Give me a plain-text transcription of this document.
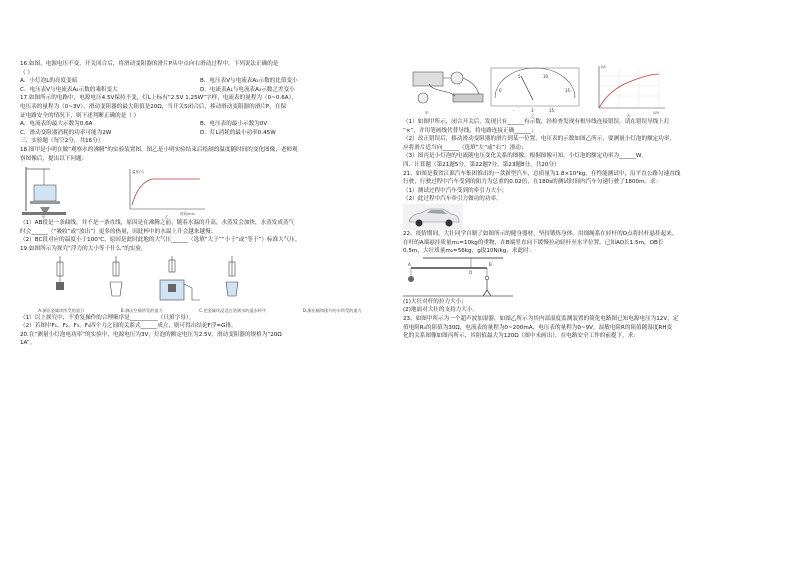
16.如图，电源电压不变，开关闭合后，将滑动变阻器的滑片P从中点向右滑动过程中，下列说法正确的是
（ ）
A．小灯泡L的亮度变暗	B．电压表V与电流表A₂示数的比值变小
C．电压表V与电流表A₂示数的乘积变大	D．电流表A₁与电流表A₂示数之差变小
17.如图所示的电路中，电源电压4.5V保持不变，灯L上标有“2.5V 1.25W”字样，电流表的量程为（0~0.6A），
电压表的量程为（0~3V），滑动变阻器的最大阻值是20Ω，当开关S闭合后，移动滑动变阻器的滑片P，在保
证电路安全的情况下，则下述判断正确的是（ ）
A．电流表的最大示数为0.6A	B．电压表的最小示数为0V
C．滑动变阻器消耗的功率可能为2W	D．灯L消耗的最小功率0.45W
三、实验题（每空2分，共16分）
18.图甲是小明在做“观察水的沸腾”的实验装置图，图乙是小明实验结束后绘制的温度随时间的变化图像，老师观
察图像后，提出以下问题：
温度/℃
时间/min
甲	乙
（1）AB段是一条曲线，并不是一条直线，原因是在沸腾之前，随着水温的升高，水蒸发会加快，水蒸发成蒸气
时会______（“吸收”或“放出”）更多的热量，因此杯中的水温上升会越来越慢；
（2）BC段对应的温度小于100℃，原因是此时此地的大气压______（选填“大于”“小于”或“等于”）标准大气压。
19.如图所示为探究“浮力的大小等于什么”的实验。
A.测出金属块所受的重力	B.测出空桶所受的重力	C.把金属块浸没在装满水的溢水杯中	D.测出桶和排开的水所受的重力
（1）以上探究中，不重复操作的合理顺序是__________（只填字母）。
（2）若图中F₁、F₂、F₃、F₄四个力之间的关系式______成立，则可得出结论F浮=G排。
20.在“测量小灯泡电功率”的实验中，电源电压为3V，灯泡的额定电压为2.5V，滑动变阻器的规格为“20Ω
1A”。
甲
0
5	10
15
-	3	15
乙
I/A
U/V
丙
（1）如图甲所示，闭合开关后，发现只有______有示数，经检查发现有根导线连接错误，请在错误导线上打
“×”，并用笔画线代替导线，将电路连接正确______；
（2）改正错误后，移动滑动变阻器的滑片到某一位置，电压表的示数如图乙所示，要测量小灯泡的额定功率，
应将滑片适当向______（选填“左”或“右”）滑动；
（3）图丙是小灯泡的电流随电压变化关系的图像，根据图像可知，小灯泡的额定功率为______W。
四、计算题（第21题5分，第22题7分，第23题8分，共20分）
21、如图是我省江淮汽车集团推出的一款新型汽车，总质量为1.8×10³kg，在性能测试中，沿平直公路匀速直线
行驶，行驶过程中汽车受到的阻力为总重的0.02倍，在180s的测试时间内汽车匀速行驶了1800m。求：
（1）测试过程中汽车受到的牵引力大小；
（2）此过程中汽车牵引力做功的功率。
22、疫情期间，大壮同学自制了如图所示的健身器材，坚持锻炼身体。用细绳系在轻杆的O点将轻杆悬挂起来，
在杆的A端悬挂质量m₁=10kg的重物，在B端竖直向下缓慢拉动轻杆至水平位置。已知AO长1.5m，OB长
0.5m，大壮质量m₂=56kg，g取10N/kg，求此时：
A
O
B
(1)大壮对杆的拉力大小；
(2)地面对大壮的支持力大小。
23、如图甲所示为一个超声波加湿器，如图乙所示为其内部湿度监测装置的简化电路图已知电源电压为12V，定
值电阻R₀的阻值为30Ω，电流表的量程为0~200mA，电压表的量程为0~9V，湿敏电阻R的阻值随湿度RH变
化的关系图像如图丙所示，其阻值最大为120Ω（图中未画出），在电路安全工作的前提下，求：
